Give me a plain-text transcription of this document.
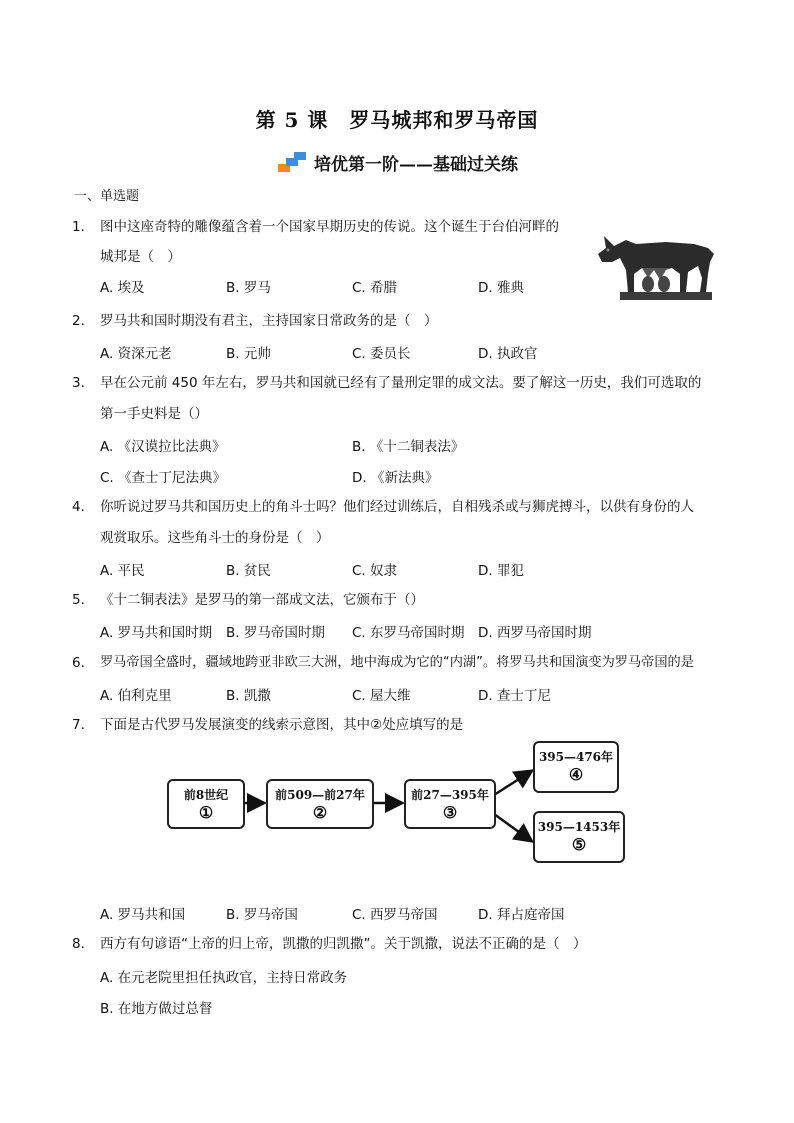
第 5 课　罗马城邦和罗马帝国
培优第一阶——基础过关练
一、单选题
1. 图中这座奇特的雕像蕴含着一个国家早期历史的传说。这个诞生于台伯河畔的
城邦是（　）
A. 埃及	B. 罗马	C. 希腊	D. 雅典
2. 罗马共和国时期没有君主，主持国家日常政务的是（　）
A. 资深元老	B. 元帅	C. 委员长	D. 执政官
3. 早在公元前 450 年左右，罗马共和国就已经有了量刑定罪的成文法。要了解这一历史，我们可选取的
第一手史料是（）
A. 《汉谟拉比法典》	B. 《十二铜表法》
C. 《查士丁尼法典》	D. 《新法典》
4. 你听说过罗马共和国历史上的角斗士吗？他们经过训练后，自相残杀或与狮虎搏斗，以供有身份的人
观赏取乐。这些角斗士的身份是（　）
A. 平民	B. 贫民	C. 奴隶	D. 罪犯
5. 《十二铜表法》是罗马的第一部成文法，它颁布于（）
A. 罗马共和国时期 B. 罗马帝国时期 C. 东罗马帝国时期 D. 西罗马帝国时期
6. 罗马帝国全盛时，疆域地跨亚非欧三大洲，地中海成为它的“内湖”。将罗马共和国演变为罗马帝国的是
A. 伯利克里	B. 凯撒	C. 屋大维	D. 查士丁尼
7. 下面是古代罗马发展演变的线索示意图，其中②处应填写的是
前8世纪
①
前509—前27年
②
前27—395年
③
395—476年
④
395—1453年
⑤
A. 罗马共和国	B. 罗马帝国	C. 西罗马帝国	D. 拜占庭帝国
8. 西方有句谚语“上帝的归上帝，凯撒的归凯撒”。关于凯撒，说法不正确的是（　）
A. 在元老院里担任执政官，主持日常政务
B. 在地方做过总督
